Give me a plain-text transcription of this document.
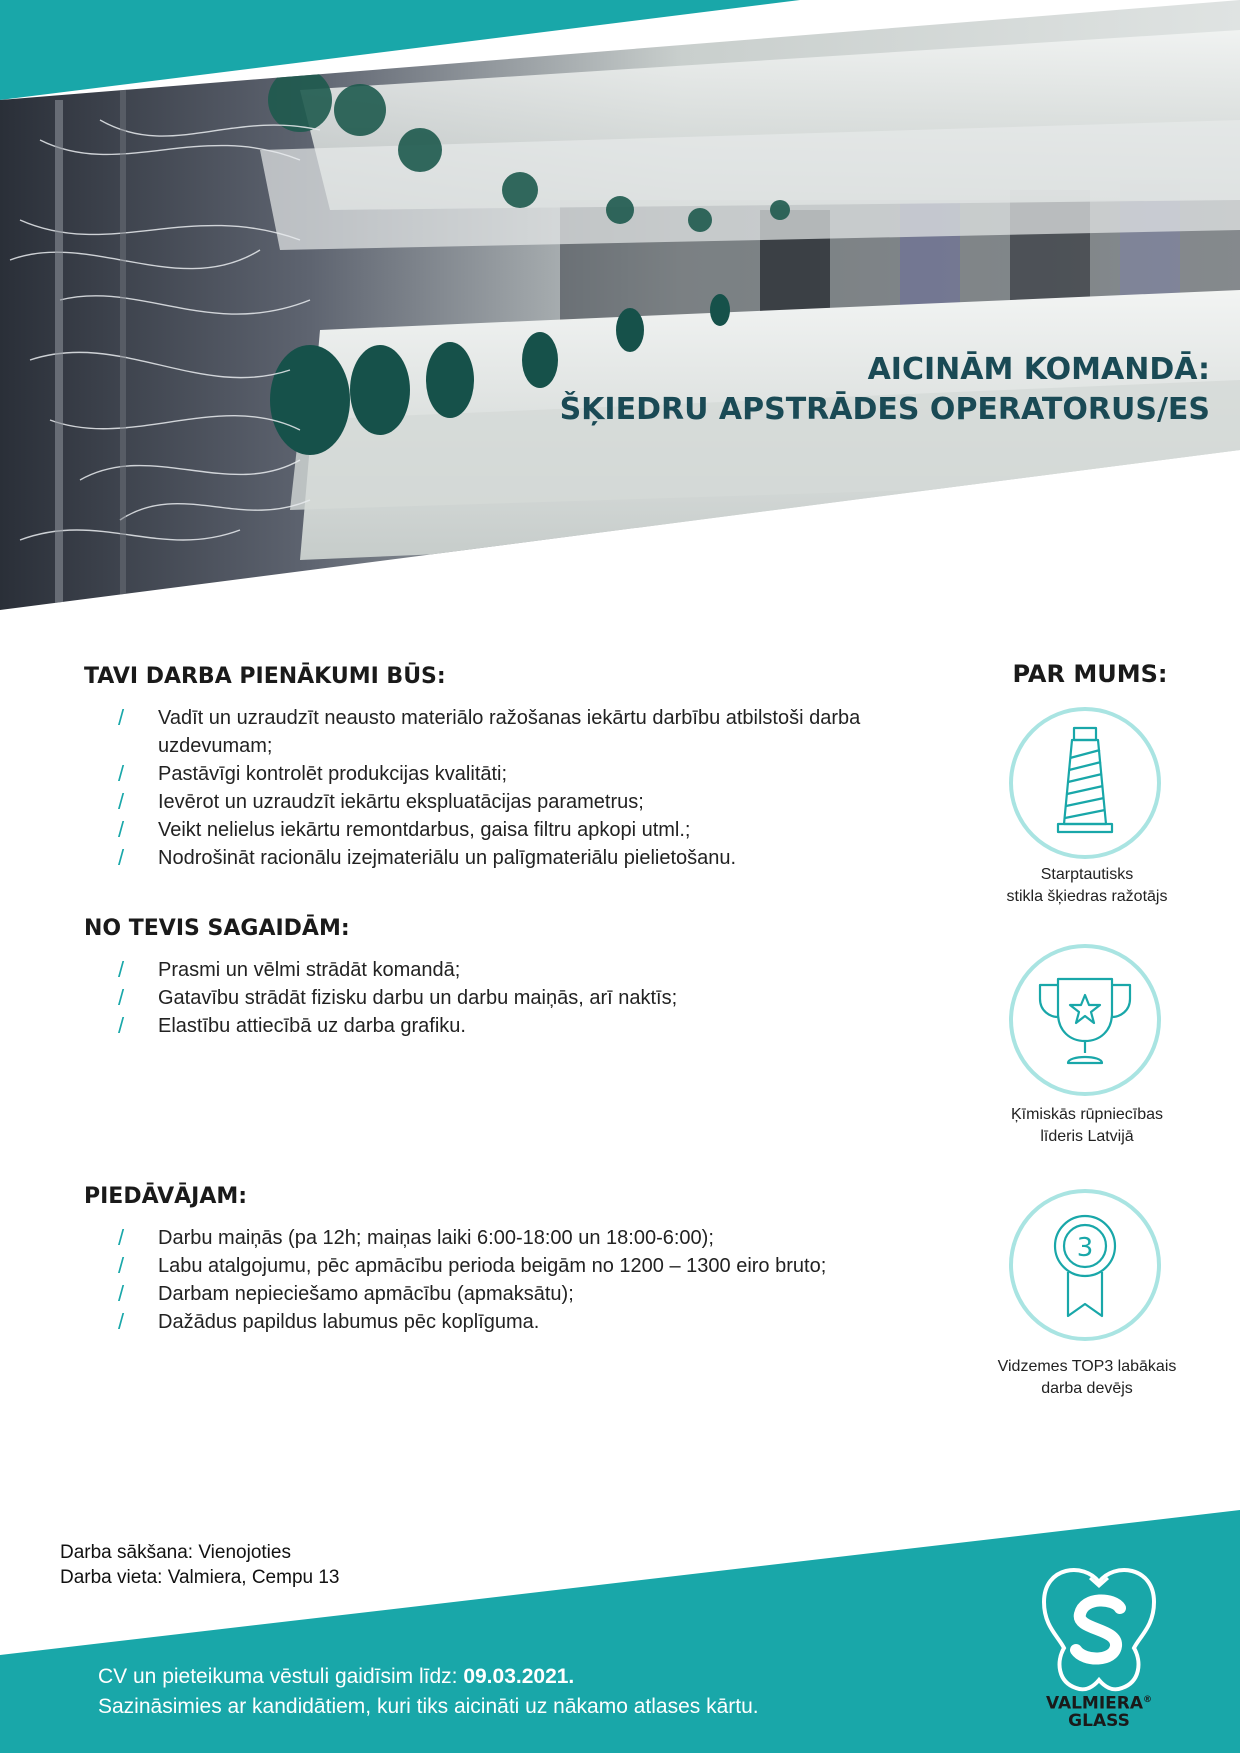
AICINĀM KOMANDĀ:
ŠĶIEDRU APSTRĀDES OPERATORUS/ES
TAVI DARBA PIENĀKUMI BŪS:
/ Vadīt un uzraudzīt neausto materiālo ražošanas iekārtu darbību atbilstoši darba uzdevumam;
/ Pastāvīgi kontrolēt produkcijas kvalitāti;
/ Ievērot un uzraudzīt iekārtu ekspluatācijas parametrus;
/ Veikt nelielus iekārtu remontdarbus, gaisa filtru apkopi utml.;
/ Nodrošināt racionālu izejmateriālu un palīgmateriālu pielietošanu.
NO TEVIS SAGAIDĀM:
/ Prasmi un vēlmi strādāt komandā;
/ Gatavību strādāt fizisku darbu un darbu maiņās, arī naktīs;
/ Elastību attiecībā uz darba grafiku.
PIEDĀVĀJAM:
/ Darbu maiņās (pa 12h; maiņas laiki 6:00-18:00 un 18:00-6:00);
/ Labu atalgojumu, pēc apmācību perioda beigām no 1200 – 1300 eiro bruto;
/ Darbam nepieciešamo apmācību (apmaksātu);
/ Dažādus papildus labumus pēc koplīguma.
PAR MUMS:
Starptautisks
stikla šķiedras ražotājs
Ķīmiskās rūpniecības
līderis Latvijā
3
Vidzemes TOP3 labākais
darba devējs
Darba sākšana: Vienojoties
Darba vieta: Valmiera, Cempu 13
CV un pieteikuma vēstuli gaidīsim līdz: 09.03.2021.
Sazināsimies ar kandidātiem, kuri tiks aicināti uz nākamo atlases kārtu.	VALMIERA®
GLASS
